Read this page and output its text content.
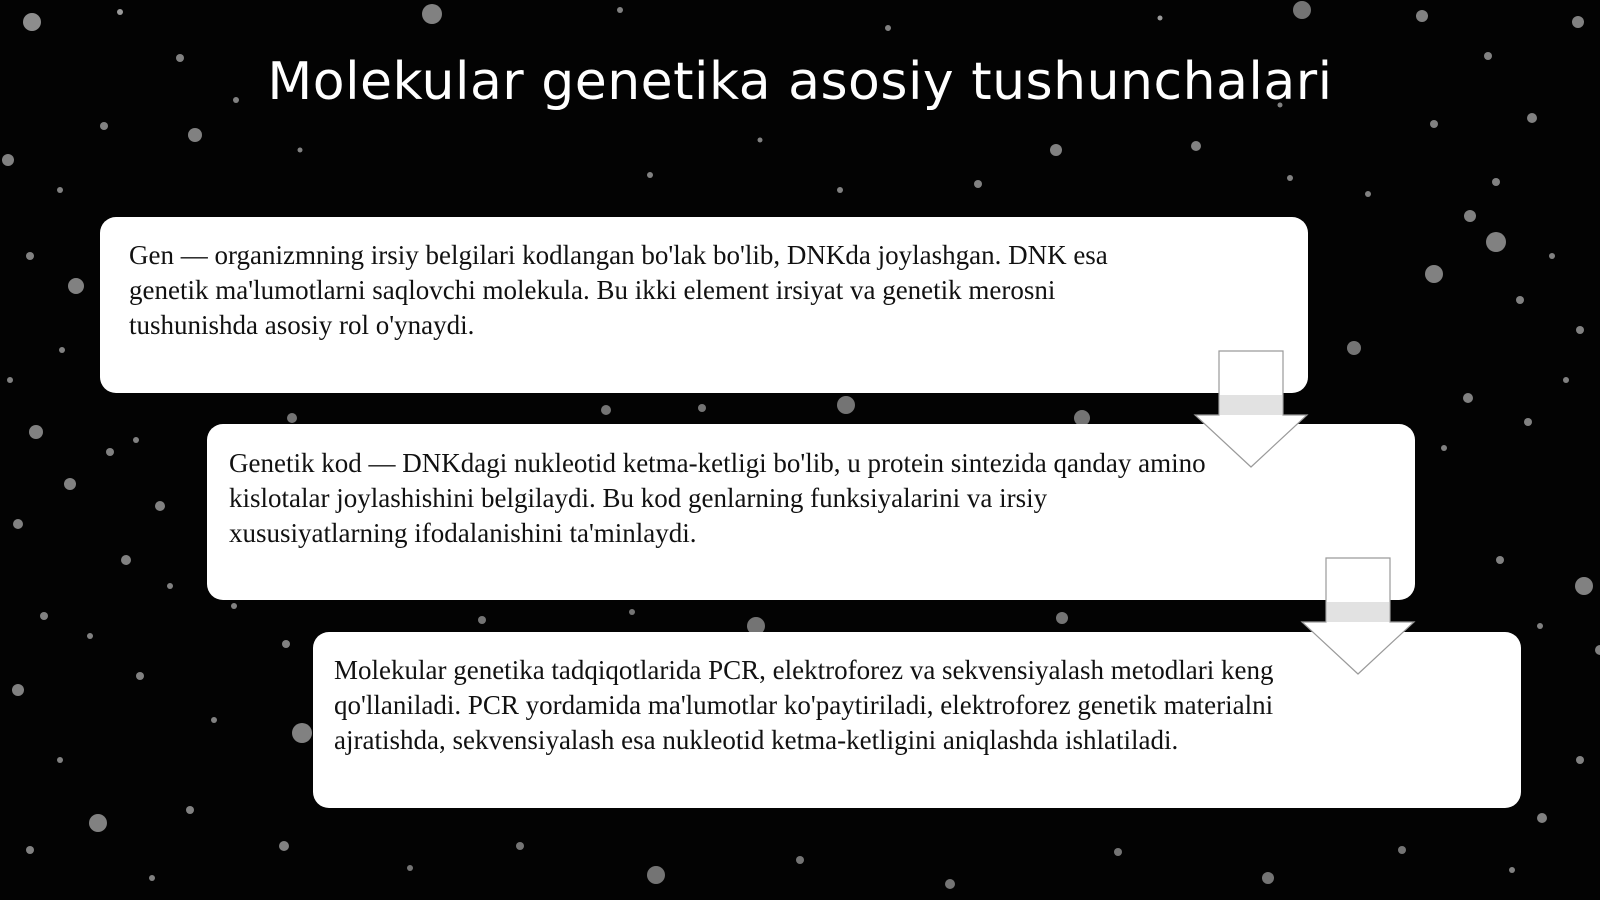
Molekular genetika asosiy tushunchalari

Gen — organizmning irsiy belgilari kodlangan bo'lak bo'lib, DNKda joylashgan. DNK esa genetik ma'lumotlarni saqlovchi molekula. Bu ikki element irsiyat va genetik merosni tushunishda asosiy rol o'ynaydi.

Genetik kod — DNKdagi nukleotid ketma-ketligi bo'lib, u protein sintezida qanday amino kislotalar joylashishini belgilaydi. Bu kod genlarning funksiyalarini va irsiy xususiyatlarning ifodalanishini ta'minlaydi.

Molekular genetika tadqiqotlarida PCR, elektroforez va sekvensiyalash metodlari keng qo'llaniladi. PCR yordamida ma'lumotlar ko'paytiriladi, elektroforez genetik materialni ajratishda, sekvensiyalash esa nukleotid ketma-ketligini aniqlashda ishlatiladi.
